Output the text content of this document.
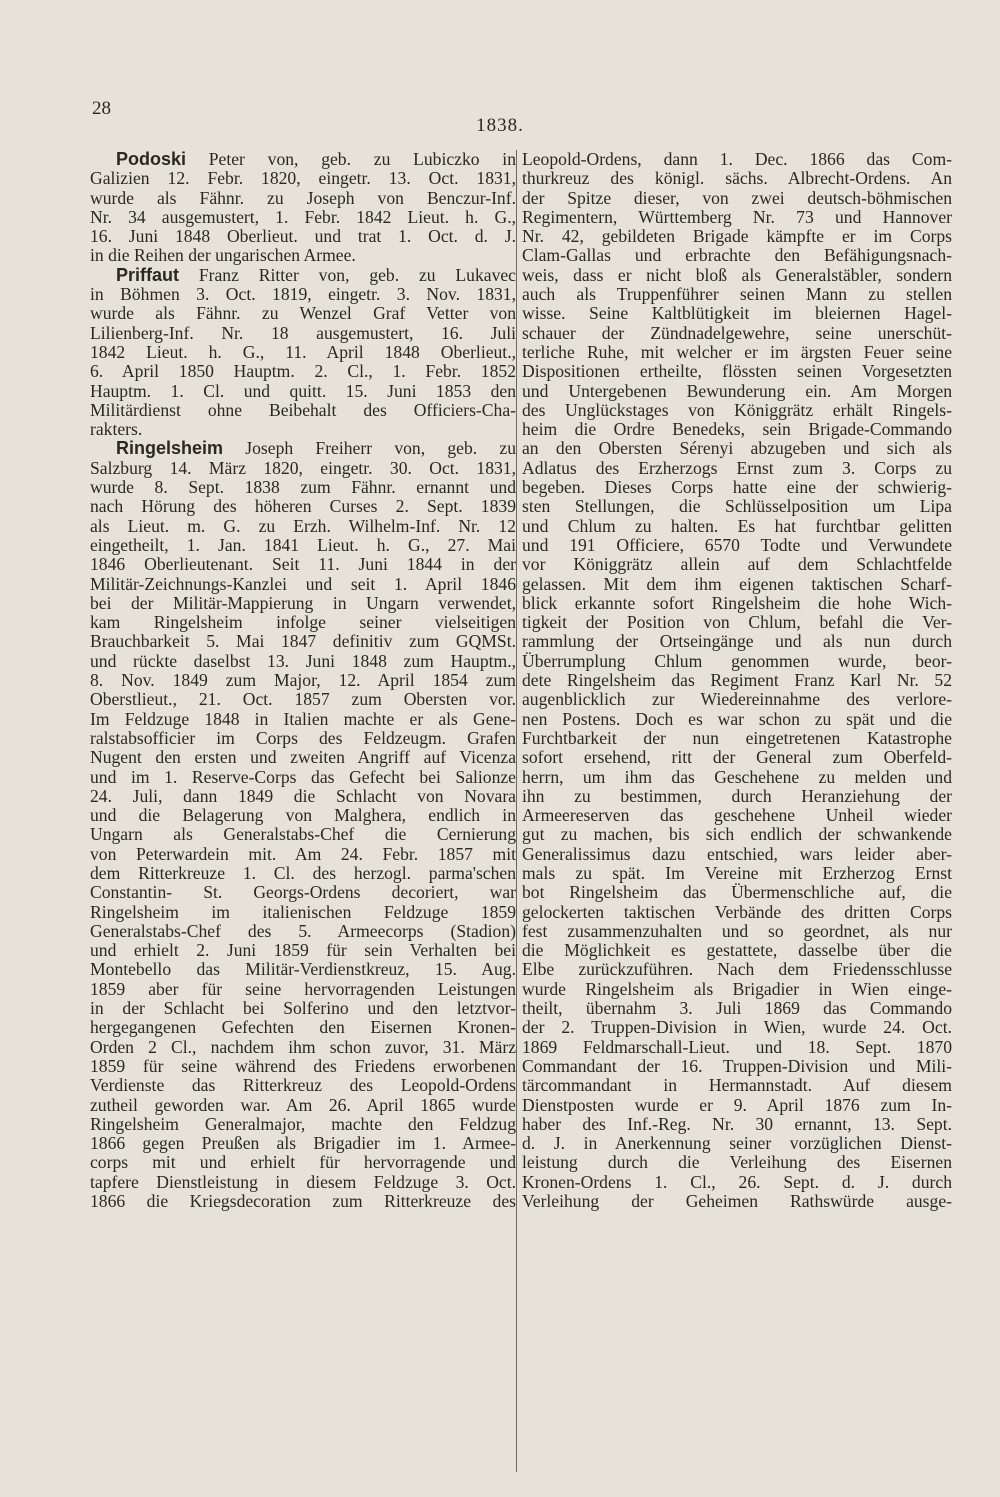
28
1838.
Podoski Peter von, geb. zu Lubiczko in
Galizien 12. Febr. 1820, eingetr. 13. Oct. 1831,
wurde als Fähnr. zu Joseph von Benczur-Inf.
Nr. 34 ausgemustert, 1. Febr. 1842 Lieut. h. G.,
16. Juni 1848 Oberlieut. und trat 1. Oct. d. J.
in die Reihen der ungarischen Armee.
Priffaut Franz Ritter von, geb. zu Lukavec
in Böhmen 3. Oct. 1819, eingetr. 3. Nov. 1831,
wurde als Fähnr. zu Wenzel Graf Vetter von
Lilienberg-Inf. Nr. 18 ausgemustert, 16. Juli
1842 Lieut. h. G., 11. April 1848 Oberlieut.,
6. April 1850 Hauptm. 2. Cl., 1. Febr. 1852
Hauptm. 1. Cl. und quitt. 15. Juni 1853 den
Militärdienst ohne Beibehalt des Officiers-Cha-
rakters.
Ringelsheim Joseph Freiherr von, geb. zu
Salzburg 14. März 1820, eingetr. 30. Oct. 1831,
wurde 8. Sept. 1838 zum Fähnr. ernannt und
nach Hörung des höheren Curses 2. Sept. 1839
als Lieut. m. G. zu Erzh. Wilhelm-Inf. Nr. 12
eingetheilt, 1. Jan. 1841 Lieut. h. G., 27. Mai
1846 Oberlieutenant. Seit 11. Juni 1844 in der
Militär-Zeichnungs-Kanzlei und seit 1. April 1846
bei der Militär-Mappierung in Ungarn verwendet,
kam Ringelsheim infolge seiner vielseitigen
Brauchbarkeit 5. Mai 1847 definitiv zum GQMSt.
und rückte daselbst 13. Juni 1848 zum Hauptm.,
8. Nov. 1849 zum Major, 12. April 1854 zum
Oberstlieut., 21. Oct. 1857 zum Obersten vor.
Im Feldzuge 1848 in Italien machte er als Gene-
ralstabsofficier im Corps des Feldzeugm. Grafen
Nugent den ersten und zweiten Angriff auf Vicenza
und im 1. Reserve-Corps das Gefecht bei Salionze
24. Juli, dann 1849 die Schlacht von Novara
und die Belagerung von Malghera, endlich in
Ungarn als Generalstabs-Chef die Cernierung
von Peterwardein mit. Am 24. Febr. 1857 mit
dem Ritterkreuze 1. Cl. des herzogl. parma'schen
Constantin- St. Georgs-Ordens decoriert, war
Ringelsheim im italienischen Feldzuge 1859
Generalstabs-Chef des 5. Armeecorps (Stadion)
und erhielt 2. Juni 1859 für sein Verhalten bei
Montebello das Militär-Verdienstkreuz, 15. Aug.
1859 aber für seine hervorragenden Leistungen
in der Schlacht bei Solferino und den letztvor-
hergegangenen Gefechten den Eisernen Kronen-
Orden 2 Cl., nachdem ihm schon zuvor, 31. März
1859 für seine während des Friedens erworbenen
Verdienste das Ritterkreuz des Leopold-Ordens
zutheil geworden war. Am 26. April 1865 wurde
Ringelsheim Generalmajor, machte den Feldzug
1866 gegen Preußen als Brigadier im 1. Armee-
corps mit und erhielt für hervorragende und
tapfere Dienstleistung in diesem Feldzuge 3. Oct.
1866 die Kriegsdecoration zum Ritterkreuze des
Leopold-Ordens, dann 1. Dec. 1866 das Com-
thurkreuz des königl. sächs. Albrecht-Ordens. An
der Spitze dieser, von zwei deutsch-böhmischen
Regimentern, Württemberg Nr. 73 und Hannover
Nr. 42, gebildeten Brigade kämpfte er im Corps
Clam-Gallas und erbrachte den Befähigungsnach-
weis, dass er nicht bloß als Generalstäbler, sondern
auch als Truppenführer seinen Mann zu stellen
wisse. Seine Kaltblütigkeit im bleiernen Hagel-
schauer der Zündnadelgewehre, seine unerschüt-
terliche Ruhe, mit welcher er im ärgsten Feuer seine
Dispositionen ertheilte, flössten seinen Vorgesetzten
und Untergebenen Bewunderung ein. Am Morgen
des Unglückstages von Königgrätz erhält Ringels-
heim die Ordre Benedeks, sein Brigade-Commando
an den Obersten Sérenyi abzugeben und sich als
Adlatus des Erzherzogs Ernst zum 3. Corps zu
begeben. Dieses Corps hatte eine der schwierig-
sten Stellungen, die Schlüsselposition um Lipa
und Chlum zu halten. Es hat furchtbar gelitten
und 191 Officiere, 6570 Todte und Verwundete
vor Königgrätz allein auf dem Schlachtfelde
gelassen. Mit dem ihm eigenen taktischen Scharf-
blick erkannte sofort Ringelsheim die hohe Wich-
tigkeit der Position von Chlum, befahl die Ver-
rammlung der Ortseingänge und als nun durch
Überrumplung Chlum genommen wurde, beor-
dete Ringelsheim das Regiment Franz Karl Nr. 52
augenblicklich zur Wiedereinnahme des verlore-
nen Postens. Doch es war schon zu spät und die
Furchtbarkeit der nun eingetretenen Katastrophe
sofort ersehend, ritt der General zum Oberfeld-
herrn, um ihm das Geschehene zu melden und
ihn zu bestimmen, durch Heranziehung der
Armeereserven das geschehene Unheil wieder
gut zu machen, bis sich endlich der schwankende
Generalissimus dazu entschied, wars leider aber-
mals zu spät. Im Vereine mit Erzherzog Ernst
bot Ringelsheim das Übermenschliche auf, die
gelockerten taktischen Verbände des dritten Corps
fest zusammenzuhalten und so geordnet, als nur
die Möglichkeit es gestattete, dasselbe über die
Elbe zurückzuführen. Nach dem Friedensschlusse
wurde Ringelsheim als Brigadier in Wien einge-
theilt, übernahm 3. Juli 1869 das Commando
der 2. Truppen-Division in Wien, wurde 24. Oct.
1869 Feldmarschall-Lieut. und 18. Sept. 1870
Commandant der 16. Truppen-Division und Mili-
tärcommandant in Hermannstadt. Auf diesem
Dienstposten wurde er 9. April 1876 zum In-
haber des Inf.-Reg. Nr. 30 ernannt, 13. Sept.
d. J. in Anerkennung seiner vorzüglichen Dienst-
leistung durch die Verleihung des Eisernen
Kronen-Ordens 1. Cl., 26. Sept. d. J. durch
Verleihung der Geheimen Rathswürde ausge-
